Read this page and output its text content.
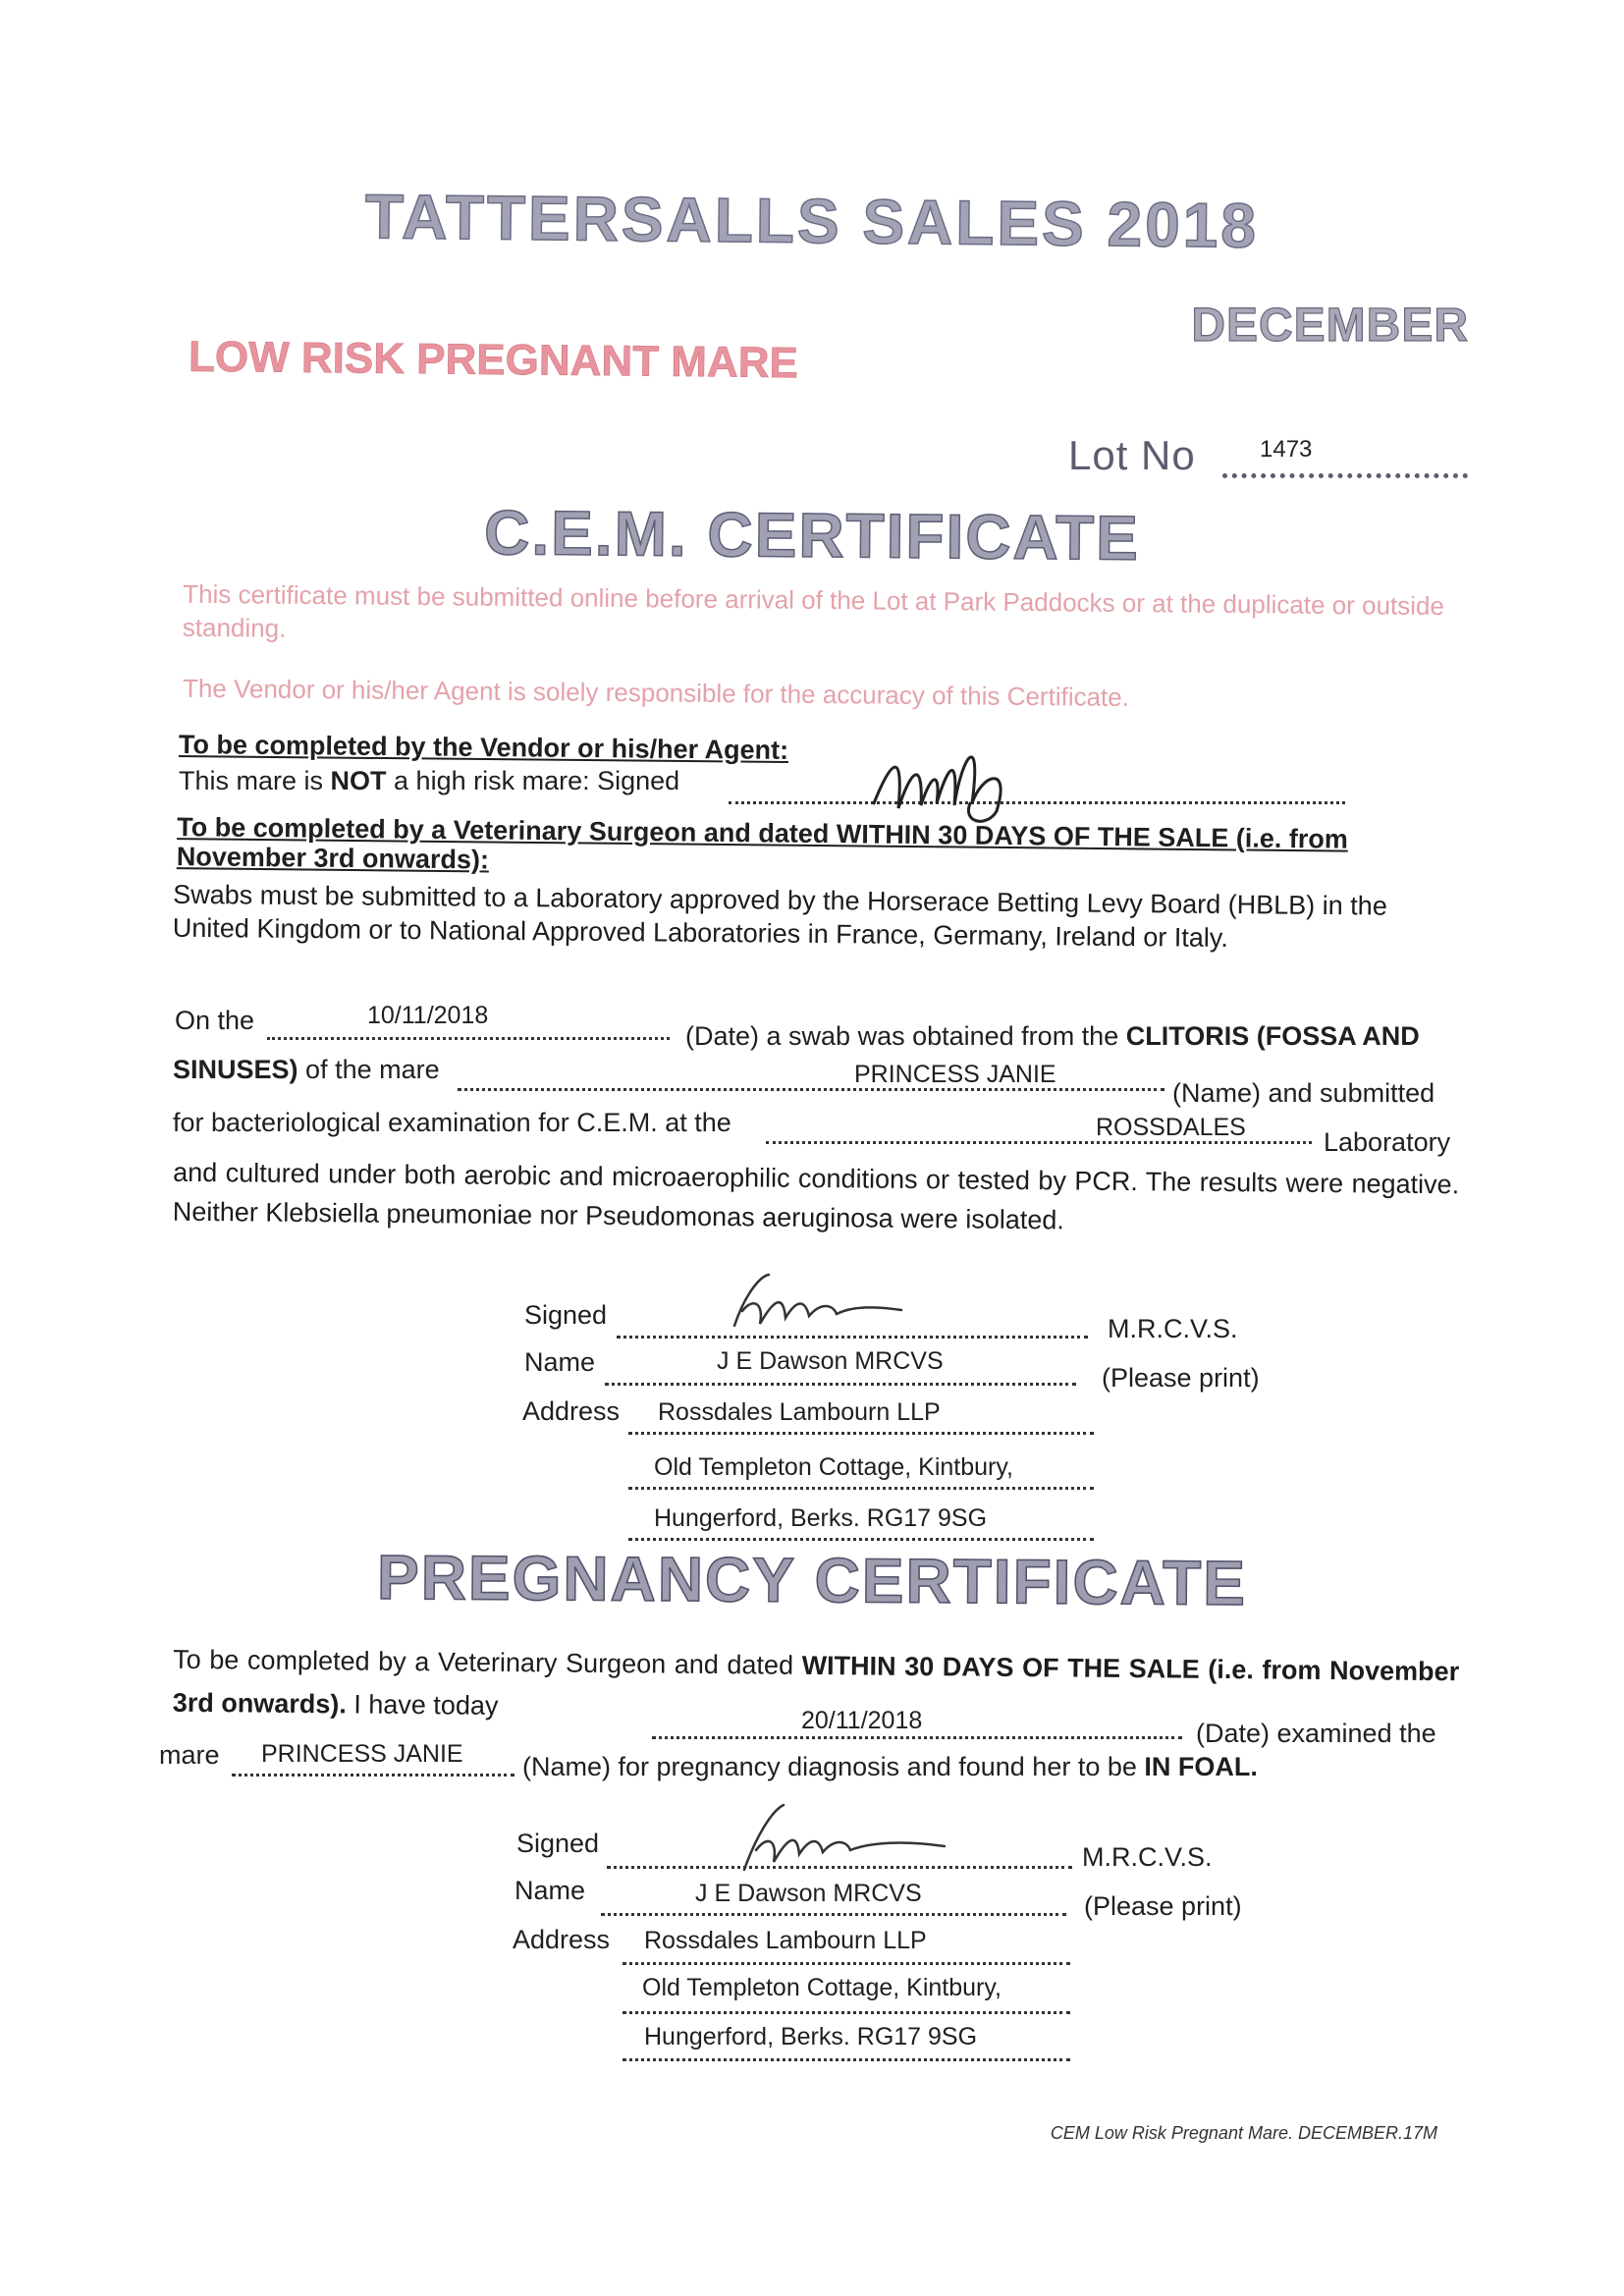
TATTERSALLS SALES 2018
DECEMBER
LOW RISK PREGNANT MARE
Lot No	1473
C.E.M. CERTIFICATE
This certificate must be submitted online before arrival of the Lot at Park Paddocks or at the duplicate or outside standing.
The Vendor or his/her Agent is solely responsible for the accuracy of this Certificate.
To be completed by the Vendor or his/her Agent:
This mare is NOT a high risk mare: Signed
To be completed by a Veterinary Surgeon and dated WITHIN 30 DAYS OF THE SALE (i.e. from November 3rd onwards):
Swabs must be submitted to a Laboratory approved by the Horserace Betting Levy Board (HBLB) in the United Kingdom or to National Approved Laboratories in France, Germany, Ireland or Italy.
On the	10/11/2018
(Date) a swab was obtained from the CLITORIS (FOSSA AND
SINUSES) of the mare	PRINCESS JANIE
(Name) and submitted
for bacteriological examination for C.E.M. at the	ROSSDALES	Laboratory
and cultured under both aerobic and microaerophilic conditions or tested by PCR. The results were negative. Neither Klebsiella pneumoniae nor Pseudomonas aeruginosa were isolated.
Signed	M.R.C.V.S.
Name	J E Dawson MRCVS
(Please print)
Address Rossdales Lambourn LLP
Old Templeton Cottage, Kintbury,
Hungerford, Berks. RG17 9SG
PREGNANCY CERTIFICATE
To be completed by a Veterinary Surgeon and dated WITHIN 30 DAYS OF THE SALE (i.e. from November 3rd onwards). I have today
20/11/2018	(Date) examined the
mare PRINCESS JANIE (Name) for pregnancy diagnosis and found her to be IN FOAL.
Signed	M.R.C.V.S.
Name	J E Dawson MRCVS	(Please print)
Address Rossdales Lambourn LLP
Old Templeton Cottage, Kintbury,
Hungerford, Berks. RG17 9SG
CEM Low Risk Pregnant Mare. DECEMBER.17M
